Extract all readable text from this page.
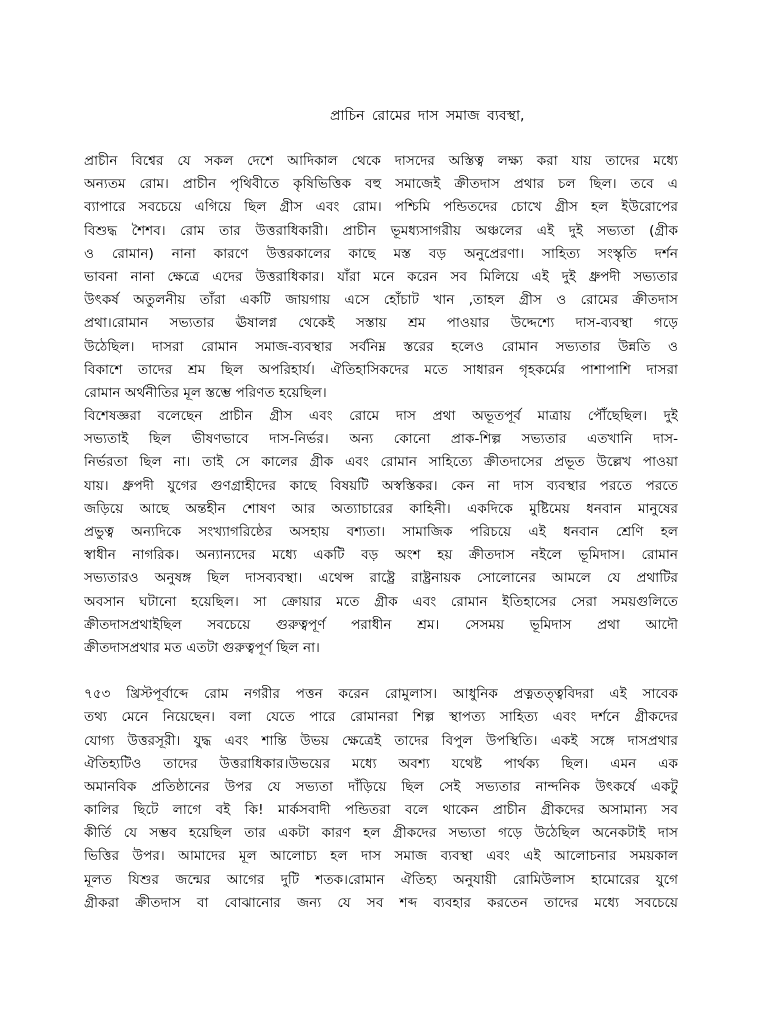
প্রাচিন রোমের দাস সমাজ ব্যবস্থা,
প্রাচীন বিশ্বের যে সকল দেশে আদিকাল থেকে দাসদের অস্তিত্ব লক্ষ্য করা যায় তাদের মধ্যে
অন্যতম রোম। প্রাচীন পৃথিবীতে কৃষিভিত্তিক বহু সমাজেই ক্রীতদাস প্রথার চল ছিল। তবে এ
ব্যাপারে সবচেয়ে এগিয়ে ছিল গ্রীস এবং রোম। পশ্চিমি পন্ডিতদের চোখে গ্রীস হল ইউরোপের
বিশুদ্ধ শৈশব। রোম তার উত্তরাধিকারী। প্রাচীন ভূমধ্যসাগরীয় অঞ্চলের এই দুই সভ্যতা (গ্রীক
ও রোমান) নানা কারণে উত্তরকালের কাছে মস্ত বড় অনুপ্রেরণা। সাহিত্য সংস্কৃতি দর্শন
ভাবনা নানা ক্ষেত্রে এদের উত্তরাধিকার। যাঁরা মনে করেন সব মিলিয়ে এই দুই ধ্রুপদী সভ্যতার
উৎকর্ষ অতুলনীয় তাঁরা একটি জায়গায় এসে হোঁচাট খান ,তাহল গ্রীস ও রোমের ক্রীতদাস
প্রথা।রোমান সভ্যতার ঊষালগ্ন থেকেই সস্তায় শ্রম পাওয়ার উদ্দেশ্যে দাস-ব্যবস্থা গড়ে
উঠেছিল। দাসরা রোমান সমাজ-ব্যবস্থার সর্বনিম্ন স্তরের হলেও রোমান সভ্যতার উন্নতি ও
বিকাশে তাদের শ্রম ছিল অপরিহার্য। ঐতিহাসিকদের মতে সাধারন গৃহকর্মের পাশাপাশি দাসরা
রোমান অর্থনীতির মূল স্তম্ভে পরিণত হয়েছিল।
বিশেষজ্ঞরা বলেছেন প্রাচীন গ্রীস এবং রোমে দাস প্রথা অভূতপূর্ব মাত্রায় পৌঁছেছিল। দুই
সভ্যতাই ছিল ভীষণভাবে দাস-নির্ভর। অন্য কোনো প্রাক-শিল্প সভ্যতার এতখানি দাস-
নির্ভরতা ছিল না। তাই সে কালের গ্রীক এবং রোমান সাহিত্যে ক্রীতদাসের প্রভূত উল্লেখ পাওয়া
যায়। ধ্রুপদী যুগের গুণগ্রাহীদের কাছে বিষয়টি অস্বস্তিকর। কেন না দাস ব্যবস্থার পরতে পরতে
জড়িয়ে আছে অন্তহীন শোষণ আর অত্যাচারের কাহিনী। একদিকে মুষ্টিমেয় ধনবান মানুষের
প্রভুত্ব অন্যদিকে সংখ্যাগরিষ্ঠের অসহায় বশ্যতা। সামাজিক পরিচয়ে এই ধনবান শ্রেণি হল
স্বাধীন নাগরিক। অন্যান্যদের মধ্যে একটি বড় অংশ হয় ক্রীতদাস নইলে ভূমিদাস। রোমান
সভ্যতারও অনুষঙ্গ ছিল দাসব্যবস্থা। এথেন্স রাষ্ট্রে রাষ্ট্রনায়ক সোলোনের আমলে যে প্রথাটির
অবসান ঘটানো হয়েছিল। সা ক্রোয়ার মতে গ্রীক এবং রোমান ইতিহাসের সেরা সময়গুলিতে
ক্রীতদাসপ্রথাইছিল সবচেয়ে গুরুত্বপূর্ণ পরাধীন শ্রম। সেসময় ভূমিদাস প্রথা আদৌ
ক্রীতদাসপ্রথার মত এতটা গুরুত্বপূর্ণ ছিল না।
৭৫৩ খ্রিস্টপূর্বাব্দে রোম নগরীর পত্তন করেন রোমুলাস। আধুনিক প্রত্নতত্ত্ববিদরা এই সাবেক
তথ্য মেনে নিয়েছেন। বলা যেতে পারে রোমানরা শিল্প স্থাপত্য সাহিত্য এবং দর্শনে গ্রীকদের
যোগ্য উত্তরসূরী। যুদ্ধ এবং শান্তি উভয় ক্ষেত্রেই তাদের বিপুল উপস্থিতি। একই সঙ্গে দাসপ্রথার
ঐতিহ্যটিও তাদের উত্তরাধিকার।উভয়ের মধ্যে অবশ্য যথেষ্ট পার্থক্য ছিল। এমন এক
অমানবিক প্রতিষ্ঠানের উপর যে সভ্যতা দাঁড়িয়ে ছিল সেই সভ্যতার নান্দনিক উৎকর্ষে একটু
কালির ছিটে লাগে বই কি! মার্কসবাদী পন্ডিতরা বলে থাকেন প্রাচীন গ্রীকদের অসামান্য সব
কীর্তি যে সম্ভব হয়েছিল তার একটা কারণ হল গ্রীকদের সভ্যতা গড়ে উঠেছিল অনেকটাই দাস
ভিত্তির উপর। আমাদের মূল আলোচ্য হল দাস সমাজ ব্যবস্থা এবং এই আলোচনার সময়কাল
মূলত যিশুর জন্মের আগের দুটি শতক।রোমান ঐতিহ্য অনুযায়ী রোমিউলাস হামোরের যুগে
গ্রীকরা ক্রীতদাস বা বোঝানোর জন্য যে সব শব্দ ব্যবহার করতেন তাদের মধ্যে সবচেয়ে
